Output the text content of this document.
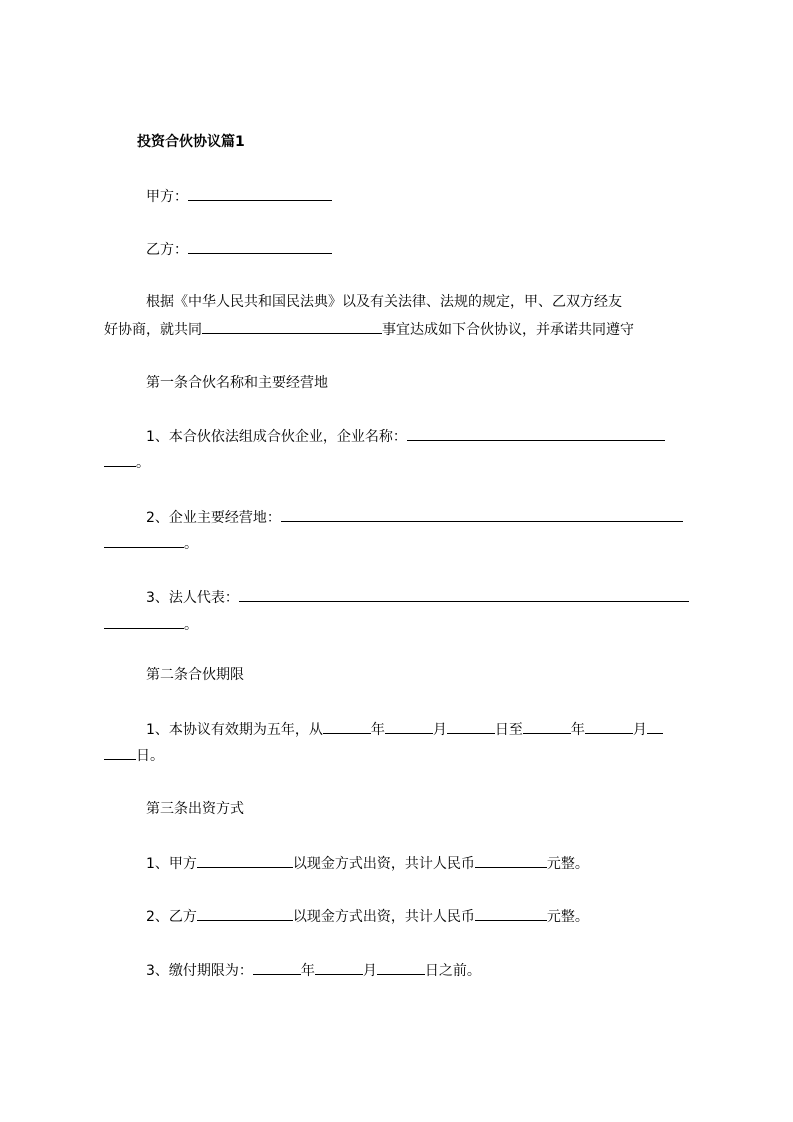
投资合伙协议篇1
甲方：
乙方：
根据《中华人民共和国民法典》以及有关法律、法规的规定，甲、乙双方经友
好协商，就共同	事宜达成如下合伙协议，并承诺共同遵守
第一条合伙名称和主要经营地
1、本合伙依法组成合伙企业，企业名称：
。
2、企业主要经营地：
。
3、法人代表：
。
第二条合伙期限
1、本协议有效期为五年，从	年	月	日至	年	月
日。
第三条出资方式
1、甲方	以现金方式出资，共计人民币	元整。
2、乙方	以现金方式出资，共计人民币	元整。
3、缴付期限为：	年	月	日之前。
